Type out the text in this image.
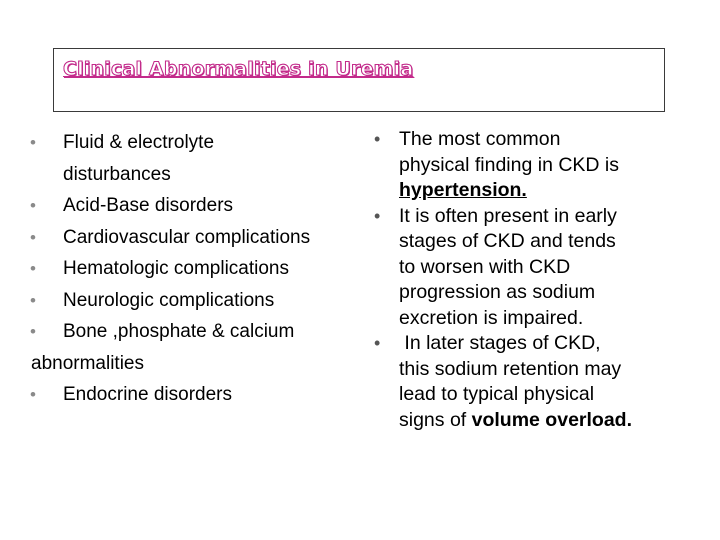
Clinical Abnormalities in Uremia
• Fluid & electrolyte
disturbances
• Acid-Base disorders
• Cardiovascular complications
• Hematologic complications
• Neurologic complications
• Bone ,phosphate & calcium
abnormalities
• Endocrine disorders
• The most common
physical finding in CKD is
hypertension.
• It is often present in early
stages of CKD and tends
to worsen with CKD
progression as sodium
excretion is impaired.
• In later stages of CKD,
this sodium retention may
lead to typical physical
signs of volume overload.
